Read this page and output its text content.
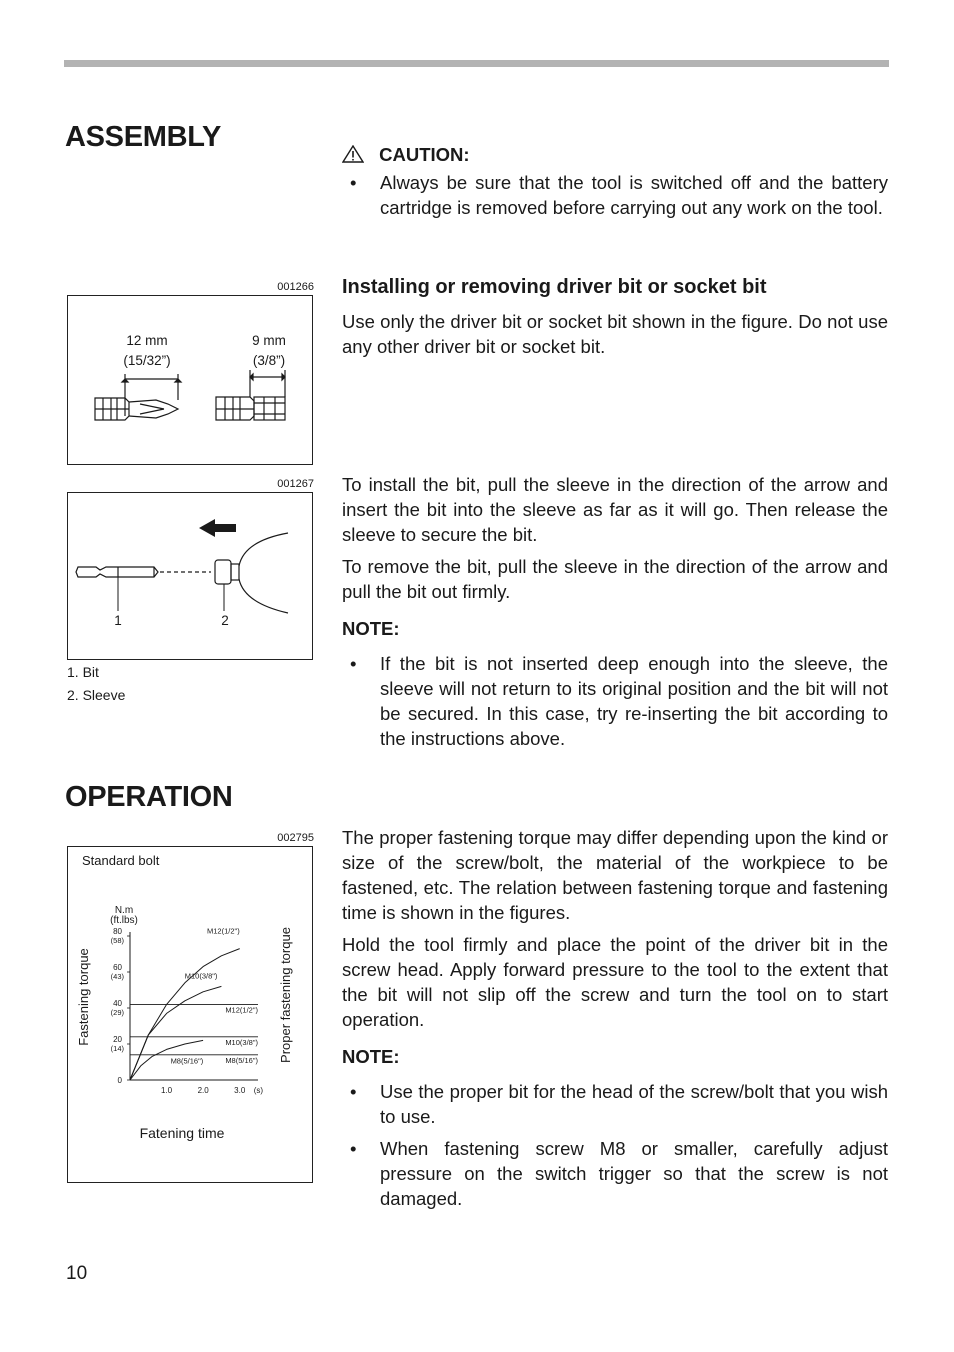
ASSEMBLY

CAUTION:

• Always be sure that the tool is switched off and the battery cartridge is removed before carrying out any work on the tool.
Installing or removing driver bit or socket bit

Use only the driver bit or socket bit shown in the figure. Do not use any other driver bit or socket bit.

001266
12 mm
(15/32”)
9 mm
(3/8”)

To install the bit, pull the sleeve in the direction of the arrow and insert the bit into the sleeve as far as it will go. Then release the sleeve to secure the bit.

To remove the bit, pull the sleeve in the direction of the arrow and pull the bit out firmly.

NOTE:

• If the bit is not inserted deep enough into the sleeve, the sleeve will not return to its original position and the bit will not be secured. In this case, try re-inserting the bit according to the instructions above.
001267
1	2
1. Bit
2. Sleeve
OPERATION

The proper fastening torque may differ depending upon the kind or size of the screw/bolt, the material of the workpiece to be fastened, etc. The relation between fastening torque and fastening time is shown in the figures.

Hold the tool firmly and place the point of the driver bit in the screw head. Apply forward pressure to the tool to the extent that the bit will not slip off the screw and turn the tool on to start operation.

NOTE:

• Use the proper bit for the head of the screw/bolt that you wish to use.
• When fastening screw M8 or smaller, carefully adjust pressure on the switch trigger so that the screw is not damaged.
002795
Standard bolt
N.m
(ft.lbs)
Fastening torque	Proper fastening torque
Fatening time
0
20
(14)
40
(29)
60
(43)
80
(58)
1.0	2.0	3.0 (s)
M12(1/2")
M10(3/8")
M8(5/16")
M12(1/2")
M10(3/8")
M8(5/16")
10
